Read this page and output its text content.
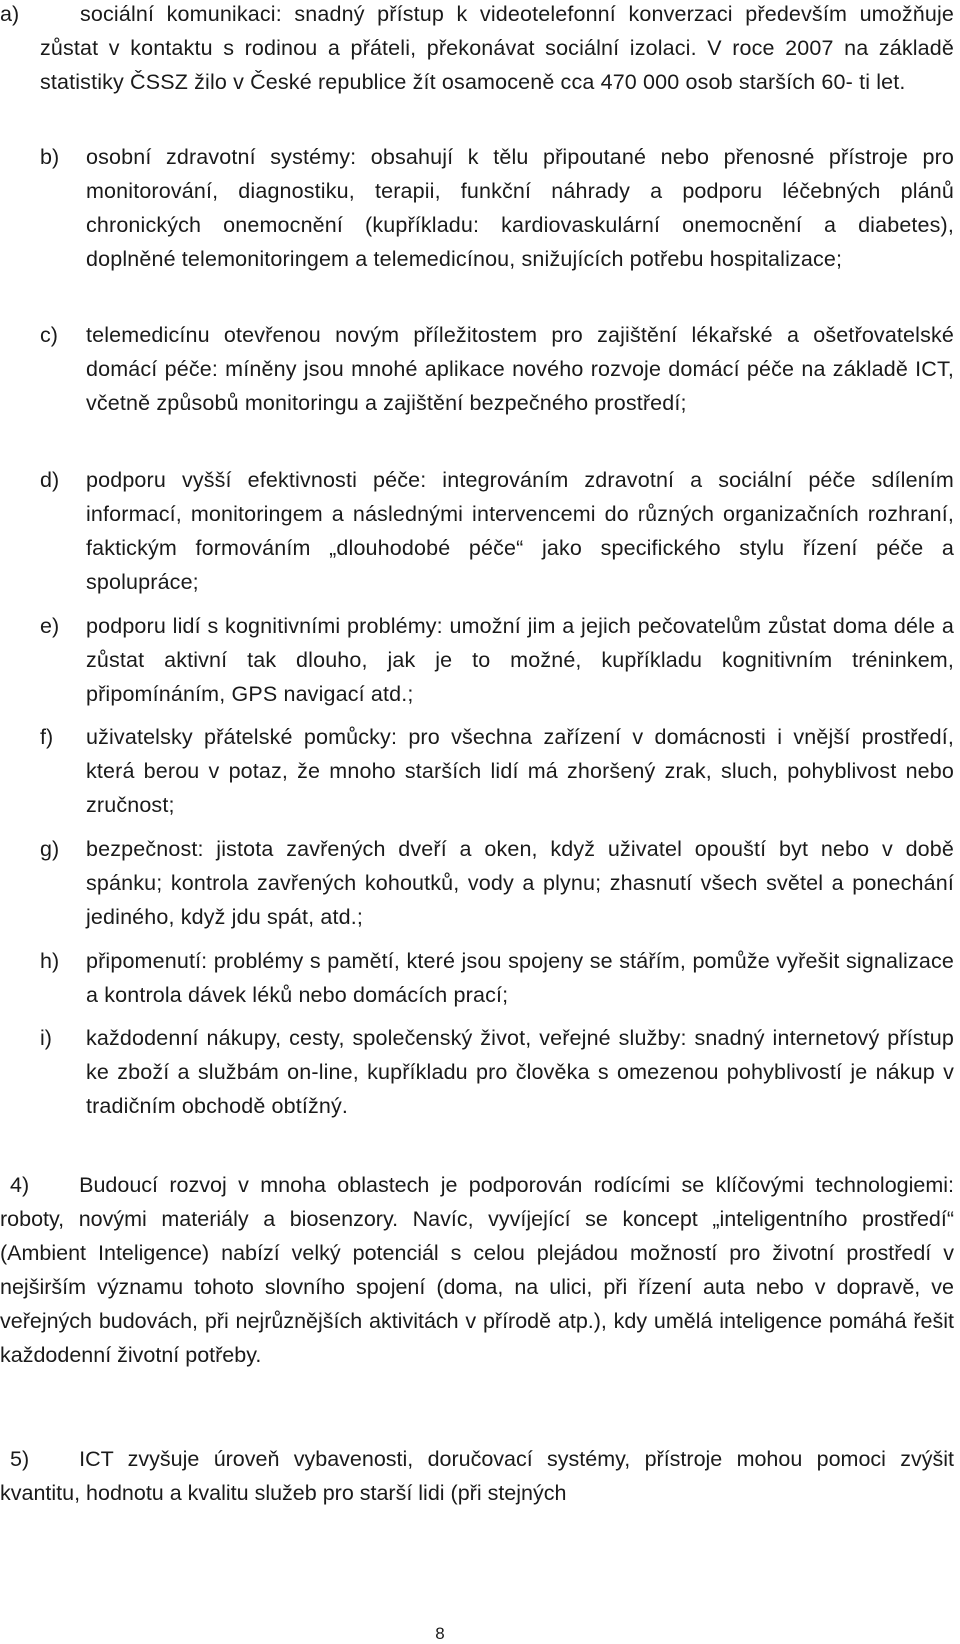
a)	sociální komunikaci: snadný přístup k videotelefonní konverzaci především umožňuje zůstat v kontaktu s rodinou a přáteli, překonávat sociální izolaci. V roce 2007 na základě statistiky ČSSZ žilo v České republice žít osamoceně cca 470 000 osob starších 60- ti let.
b) osobní zdravotní systémy: obsahují k tělu připoutané nebo přenosné přístroje pro monitorování, diagnostiku, terapii, funkční náhrady a podporu léčebných plánů chronických onemocnění (kupříkladu: kardiovaskulární onemocnění a diabetes), doplněné telemonitoringem a telemedicínou, snižujících potřebu hospitalizace;
c) telemedicínu otevřenou novým příležitostem pro zajištění lékařské a ošetřovatelské domácí péče: míněny jsou mnohé aplikace nového rozvoje domácí péče na základě ICT, včetně způsobů monitoringu a zajištění bezpečného prostředí;
d) podporu vyšší efektivnosti péče: integrováním zdravotní a sociální péče sdílením informací, monitoringem a následnými intervencemi do různých organizačních rozhraní, faktickým formováním „dlouhodobé péče“ jako specifického stylu řízení péče a spolupráce;
e) podporu lidí s kognitivními problémy: umožní jim a jejich pečovatelům zůstat doma déle a zůstat aktivní tak dlouho, jak je to možné, kupříkladu kognitivním tréninkem, připomínáním, GPS navigací atd.;
f) uživatelsky přátelské pomůcky: pro všechna zařízení v domácnosti i vnější prostředí, která berou v potaz, že mnoho starších lidí má zhoršený zrak, sluch, pohyblivost nebo zručnost;
g) bezpečnost: jistota zavřených dveří a oken, když uživatel opouští byt nebo v době spánku; kontrola zavřených kohoutků, vody a plynu; zhasnutí všech světel a ponechání jediného, když jdu spát, atd.;
h) připomenutí: problémy s pamětí, které jsou spojeny se stářím, pomůže vyřešit signalizace a kontrola dávek léků nebo domácích prací;
i) každodenní nákupy, cesty, společenský život, veřejné služby: snadný internetový přístup ke zboží a službám on-line, kupříkladu pro člověka s omezenou pohyblivostí je nákup v tradičním obchodě obtížný.

4) Budoucí rozvoj v mnoha oblastech je podporován rodícími se klíčovými technologiemi: roboty, novými materiály a biosenzory. Navíc, vyvíjející se koncept „inteligentního prostředí“ (Ambient Inteligence) nabízí velký potenciál s celou plejádou možností pro životní prostředí v nejširším významu tohoto slovního spojení (doma, na ulici, při řízení auta nebo v dopravě, ve veřejných budovách, při nejrůznějších aktivitách v přírodě atp.), kdy umělá inteligence pomáhá řešit každodenní životní potřeby.

5) ICT zvyšuje úroveň vybavenosti, doručovací systémy, přístroje mohou pomoci zvýšit kvantitu, hodnotu a kvalitu služeb pro starší lidi (při stejných

8
